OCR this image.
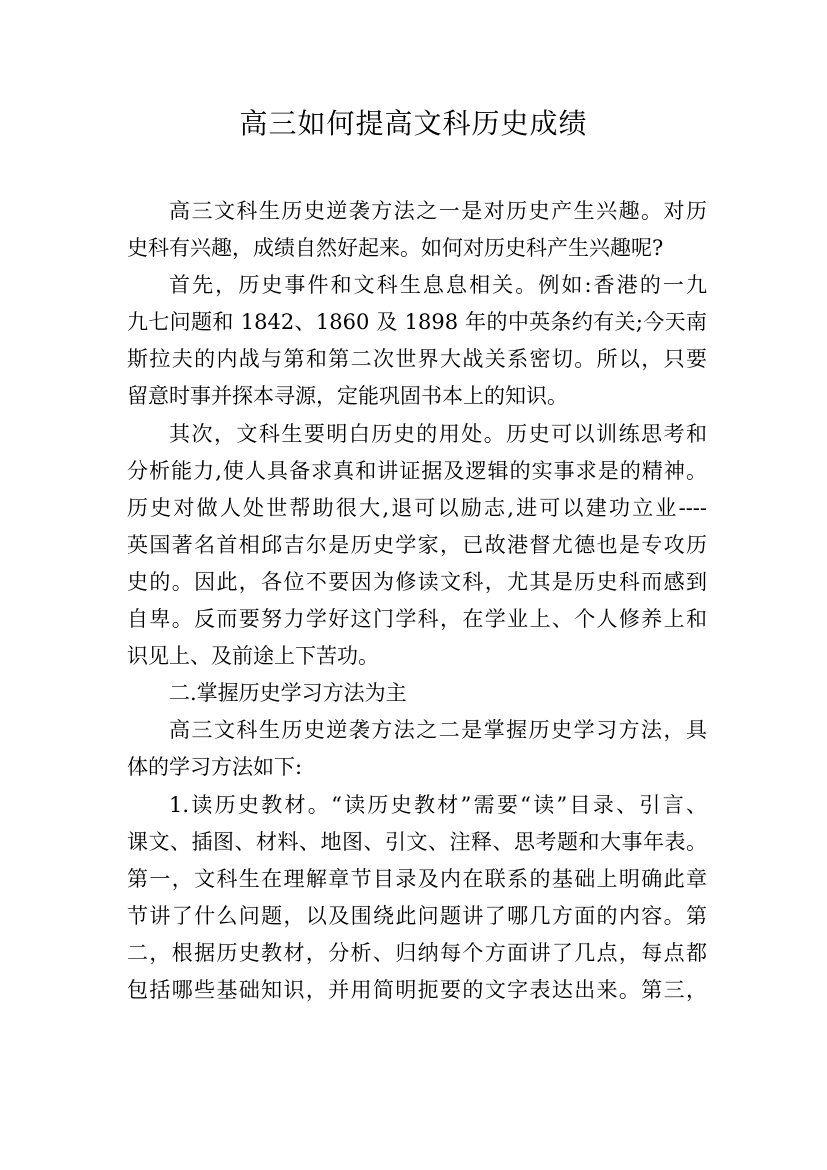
高三如何提高文科历史成绩
高三文科生历史逆袭方法之一是对历史产生兴趣。对历
史科有兴趣，成绩自然好起来。如何对历史科产生兴趣呢?
首先，历史事件和文科生息息相关。例如:香港的一九
九七问题和 1842、1860 及 1898 年的中英条约有关;今天南
斯拉夫的内战与第和第二次世界大战关系密切。所以，只要
留意时事并探本寻源，定能巩固书本上的知识。
其次，文科生要明白历史的用处。历史可以训练思考和
分析能力,使人具备求真和讲证据及逻辑的实事求是的精神。
历史对做人处世帮助很大,退可以励志,进可以建功立业----
英国著名首相邱吉尔是历史学家，已故港督尤德也是专攻历
史的。因此，各位不要因为修读文科，尤其是历史科而感到
自卑。反而要努力学好这门学科，在学业上、个人修养上和
识见上、及前途上下苦功。
二.掌握历史学习方法为主
高三文科生历史逆袭方法之二是掌握历史学习方法，具
体的学习方法如下:
1.读历史教材。“读历史教材”需要“读”目录、引言、
课文、插图、材料、地图、引文、注释、思考题和大事年表。
第一，文科生在理解章节目录及内在联系的基础上明确此章
节讲了什么问题，以及围绕此问题讲了哪几方面的内容。第
二，根据历史教材，分析、归纳每个方面讲了几点，每点都
包括哪些基础知识，并用简明扼要的文字表达出来。第三，
